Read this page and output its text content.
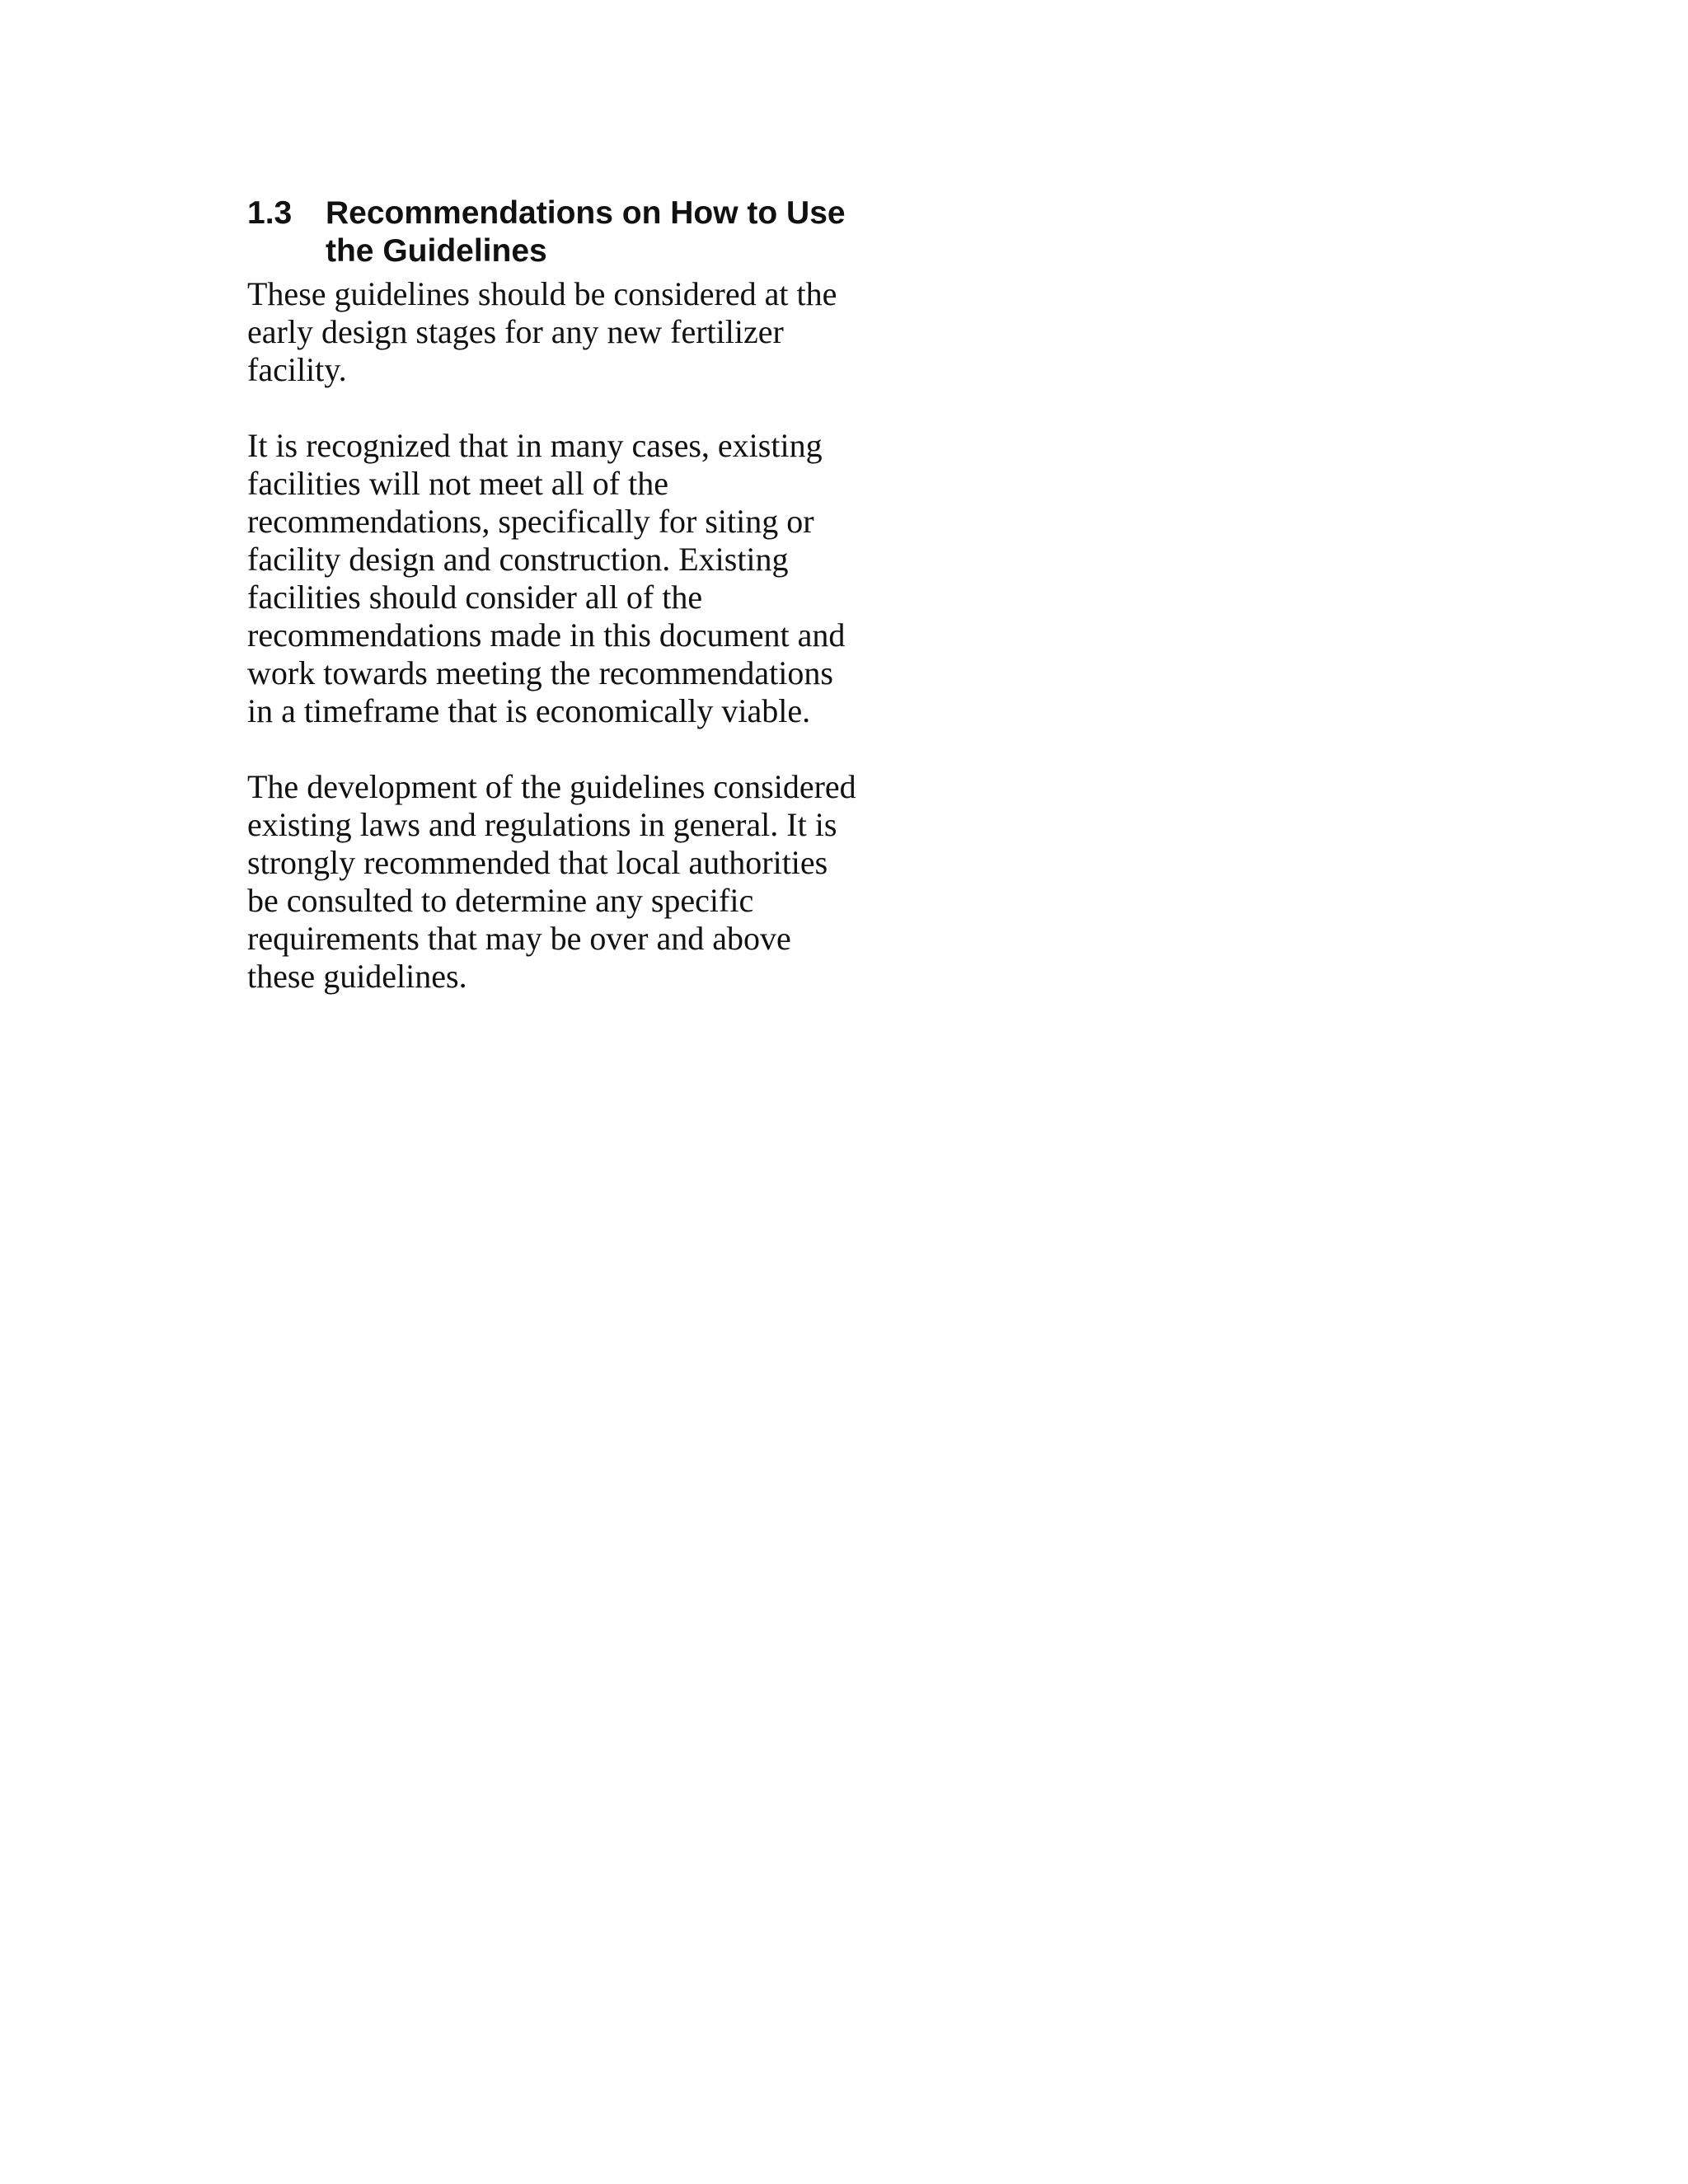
1.3	Recommendations on How to Use
the Guidelines

These guidelines should be considered at the
early design stages for any new fertilizer
facility.

It is recognized that in many cases, existing
facilities will not meet all of the
recommendations, specifically for siting or
facility design and construction. Existing
facilities should consider all of the
recommendations made in this document and
work towards meeting the recommendations
in a timeframe that is economically viable.

The development of the guidelines considered
existing laws and regulations in general. It is
strongly recommended that local authorities
be consulted to determine any specific
requirements that may be over and above
these guidelines.
